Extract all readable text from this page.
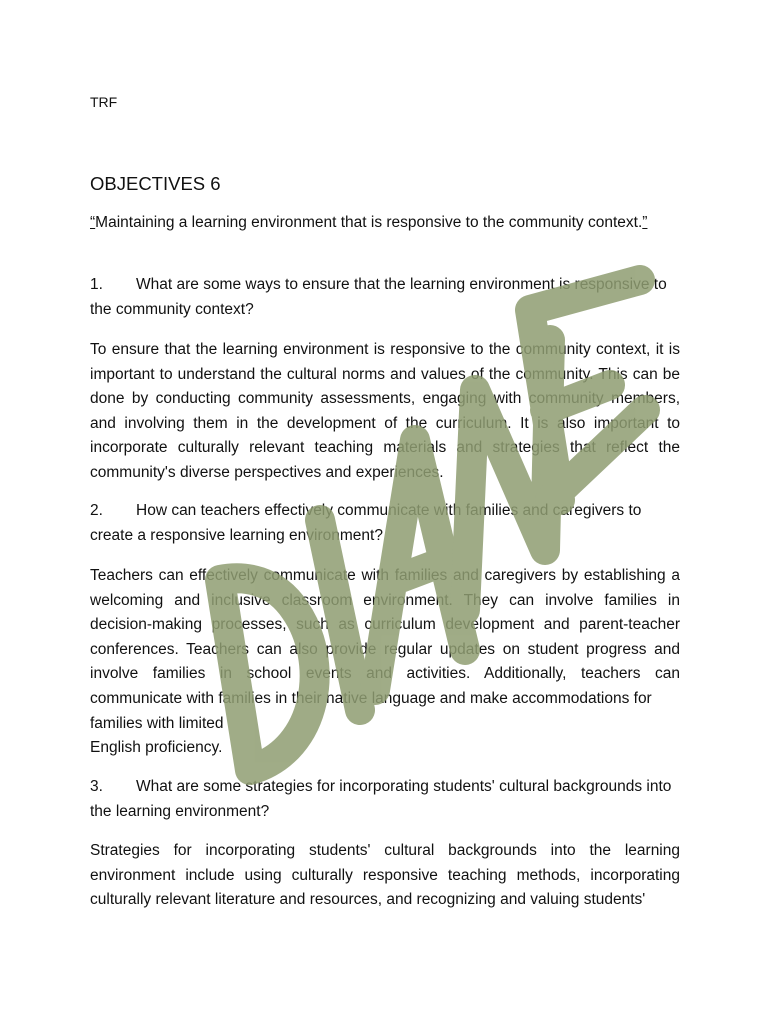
TRF
OBJECTIVES 6
“Maintaining a learning environment that is responsive to the community context.”
1. What are some ways to ensure that the learning environment is responsive to the community context?
To ensure that the learning environment is responsive to the community context, it is important to understand the cultural norms and values of the community. This can be done by conducting community assessments, engaging with community members, and involving them in the development of the curriculum. It is also important to incorporate culturally relevant teaching materials and strategies that reflect the community's diverse perspectives and experiences.
2. How can teachers effectively communicate with families and caregivers to create a responsive learning environment?
Teachers can effectively communicate with families and caregivers by establishing a welcoming and inclusive classroom environment. They can involve families in decision-making processes, such as curriculum development and parent-teacher conferences. Teachers can also provide regular updates on student progress and involve families in school events and activities. Additionally, teachers can communicate with families in their native language and make accommodations for
families with limited
English proficiency.
3. What are some strategies for incorporating students' cultural backgrounds into the learning environment?
Strategies for incorporating students' cultural backgrounds into the learning environment include using culturally responsive teaching methods, incorporating culturally relevant literature and resources, and recognizing and valuing students'
